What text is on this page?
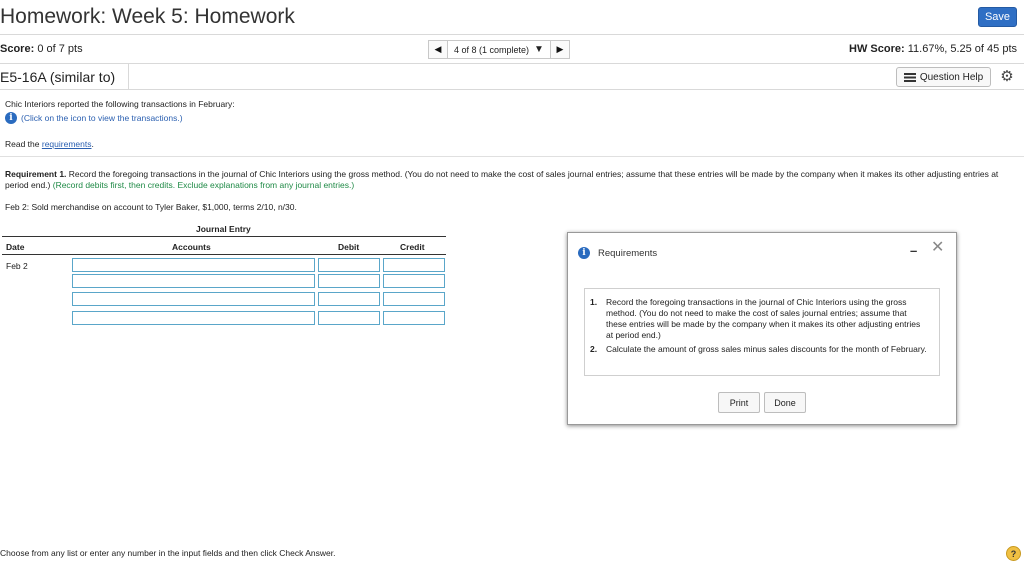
Homework: Week 5: Homework	Save
Score: 0 of 7 pts	◀ 4 of 8 (1 complete) ▼ ▶	HW Score: 11.67%, 5.25 of 45 pts
E5-16A (similar to)	Question Help ⚙
Chic Interiors reported the following transactions in February:
i (Click on the icon to view the transactions.)
Read the requirements.
Requirement 1. Record the foregoing transactions in the journal of Chic Interiors using the gross method. (You do not need to make the cost of sales journal entries; assume that these entries will be made by the company when it makes its other adjusting entries at period end.) (Record debits first, then credits. Exclude explanations from any journal entries.)
Feb 2: Sold merchandise on account to Tyler Baker, $1,000, terms 2/10, n/30.
Journal Entry
Date	Accounts	Debit	Credit
Feb 2
i	Requirements	– ✕
1.	Record the foregoing transactions in the journal of Chic Interiors using the gross method. (You do not need to make the cost of sales journal entries; assume that these entries will be made by the company when it makes its other adjusting entries at period end.)
2.	Calculate the amount of gross sales minus sales discounts for the month of February.
Print	Done
Choose from any list or enter any number in the input fields and then click Check Answer.	?
